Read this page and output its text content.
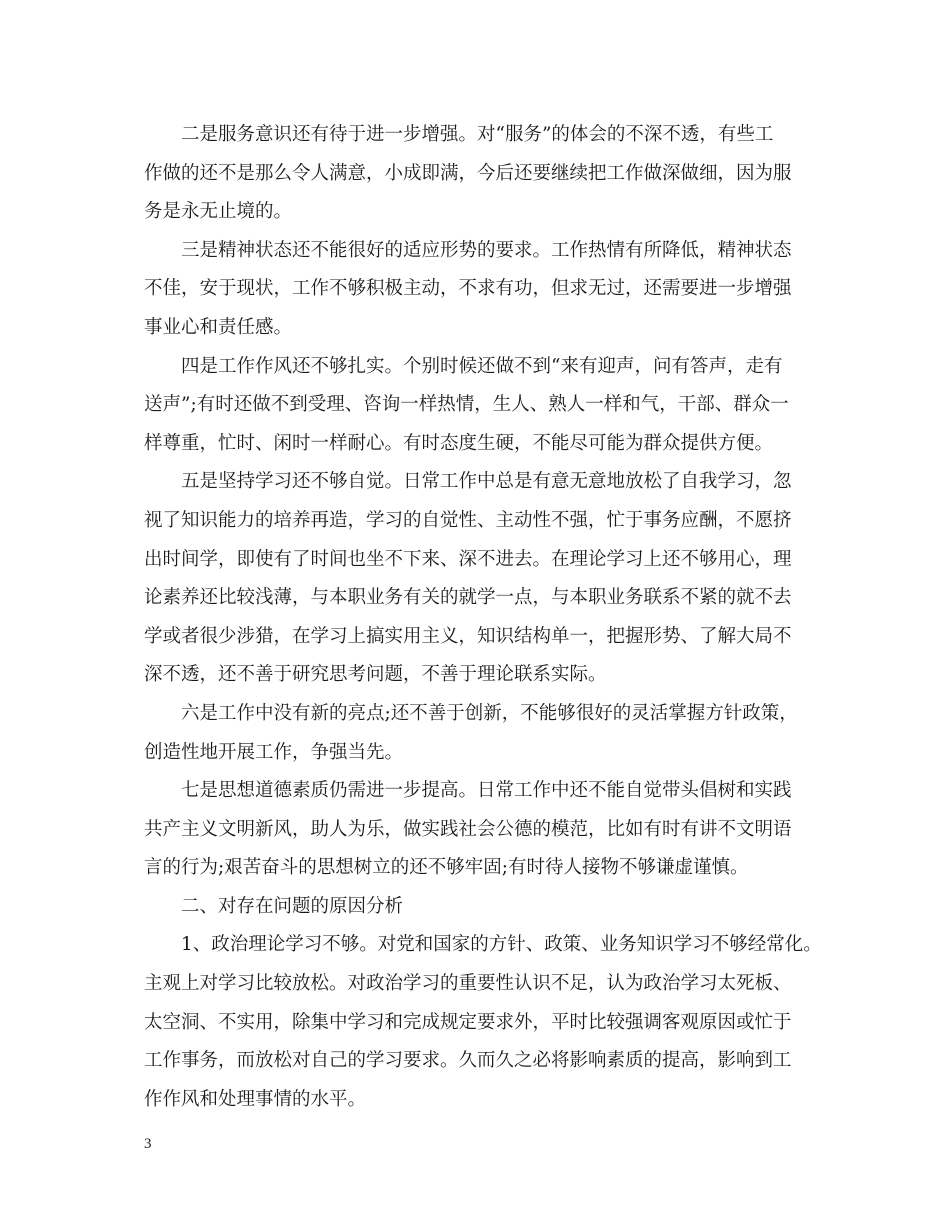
二是服务意识还有待于进一步增强。对“服务”的体会的不深不透，有些工
作做的还不是那么令人满意，小成即满，今后还要继续把工作做深做细，因为服
务是永无止境的。

三是精神状态还不能很好的适应形势的要求。工作热情有所降低，精神状态
不佳，安于现状，工作不够积极主动，不求有功，但求无过，还需要进一步增强
事业心和责任感。

四是工作作风还不够扎实。个别时候还做不到“来有迎声，问有答声，走有
送声”;有时还做不到受理、咨询一样热情，生人、熟人一样和气，干部、群众一
样尊重，忙时、闲时一样耐心。有时态度生硬，不能尽可能为群众提供方便。

五是坚持学习还不够自觉。日常工作中总是有意无意地放松了自我学习，忽
视了知识能力的培养再造，学习的自觉性、主动性不强，忙于事务应酬，不愿挤
出时间学，即使有了时间也坐不下来、深不进去。在理论学习上还不够用心，理
论素养还比较浅薄，与本职业务有关的就学一点，与本职业务联系不紧的就不去
学或者很少涉猎，在学习上搞实用主义，知识结构单一，把握形势、了解大局不
深不透，还不善于研究思考问题，不善于理论联系实际。

六是工作中没有新的亮点;还不善于创新，不能够很好的灵活掌握方针政策，
创造性地开展工作，争强当先。

七是思想道德素质仍需进一步提高。日常工作中还不能自觉带头倡树和实践
共产主义文明新风，助人为乐，做实践社会公德的模范，比如有时有讲不文明语
言的行为;艰苦奋斗的思想树立的还不够牢固;有时待人接物不够谦虚谨慎。

二、对存在问题的原因分析

1、政治理论学习不够。对党和国家的方针、政策、业务知识学习不够经常化。
主观上对学习比较放松。对政治学习的重要性认识不足，认为政治学习太死板、
太空洞、不实用，除集中学习和完成规定要求外，平时比较强调客观原因或忙于
工作事务，而放松对自己的学习要求。久而久之必将影响素质的提高，影响到工
作作风和处理事情的水平。

3
